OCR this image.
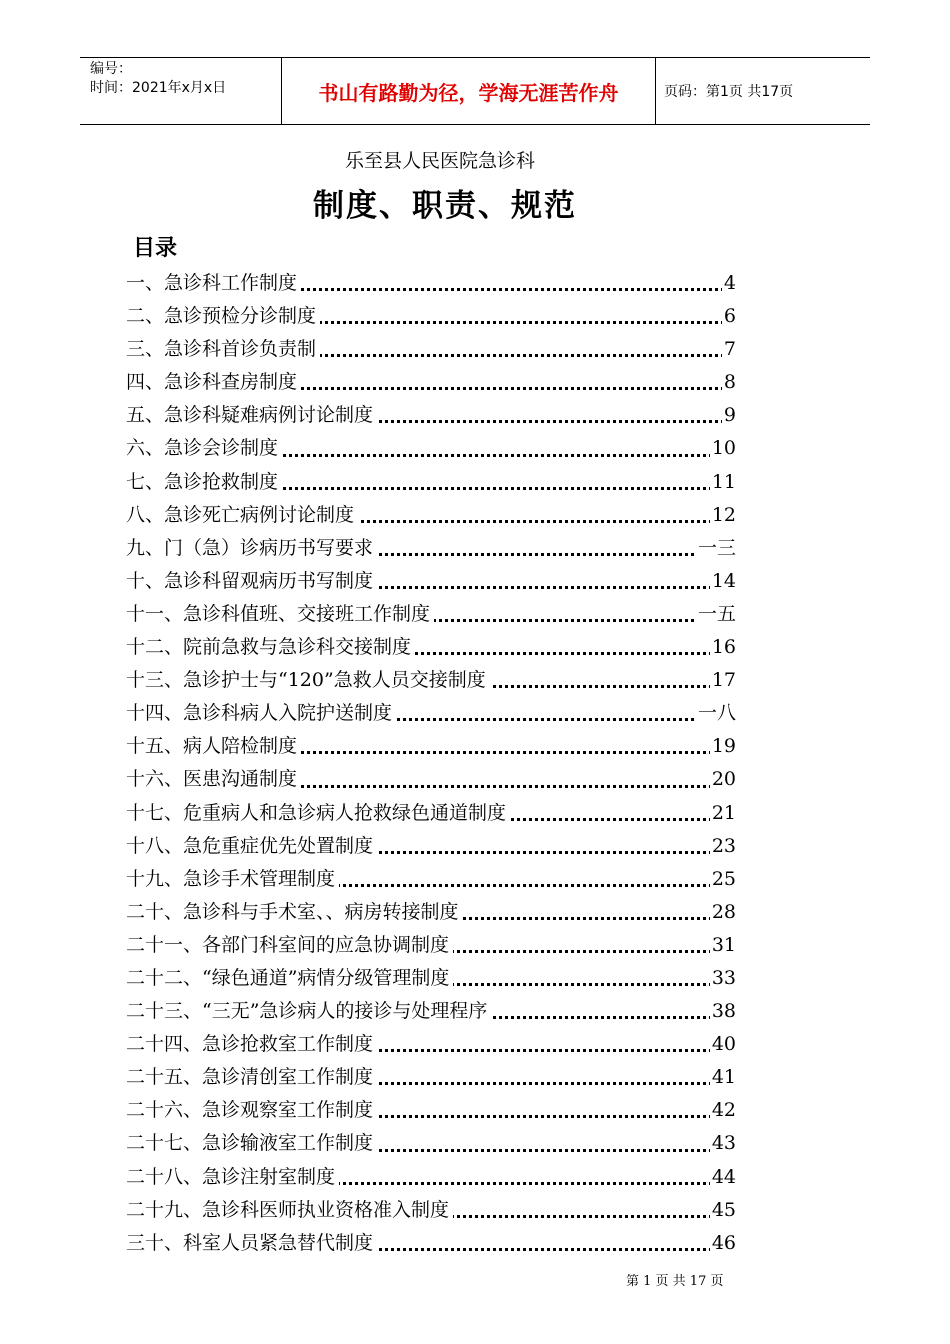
编号：
时间：2021年x月x日	书山有路勤为径，学海无涯苦作舟	页码：第1页 共17页
乐至县人民医院急诊科
制度、职责、规范
目录
一、急诊科工作制度	4
二、急诊预检分诊制度	6
三、急诊科首诊负责制	7
四、急诊科查房制度	8
五、急诊科疑难病例讨论制度	9
六、急诊会诊制度	10
七、急诊抢救制度	11
八、急诊死亡病例讨论制度	12
九、门（急）诊病历书写要求	一三
十、急诊科留观病历书写制度	14
十一、急诊科值班、交接班工作制度	一五
十二、院前急救与急诊科交接制度	16
十三、急诊护士与“120”急救人员交接制度	17
十四、急诊科病人入院护送制度	一八
十五、病人陪检制度	19
十六、医患沟通制度	20
十七、危重病人和急诊病人抢救绿色通道制度	21
十八、急危重症优先处置制度	23
十九、急诊手术管理制度	25
二十、急诊科与手术室、、病房转接制度	28
二十一、各部门科室间的应急协调制度	31
二十二、“绿色通道”病情分级管理制度	33
二十三、“三无”急诊病人的接诊与处理程序	38
二十四、急诊抢救室工作制度	40
二十五、急诊清创室工作制度	41
二十六、急诊观察室工作制度	42
二十七、急诊输液室工作制度	43
二十八、急诊注射室制度	44
二十九、急诊科医师执业资格准入制度	45
三十、科室人员紧急替代制度	46
第 1 页 共 17 页
